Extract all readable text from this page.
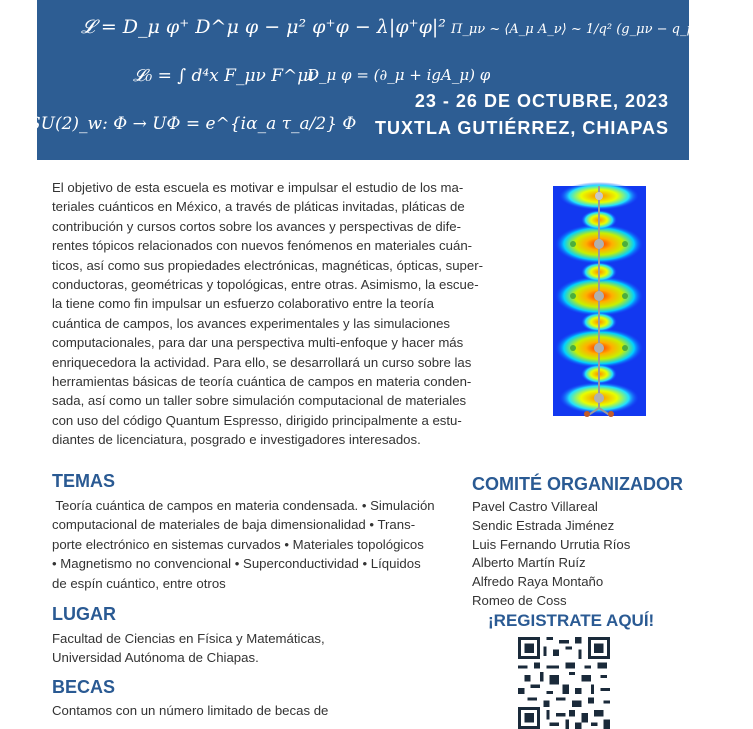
𝓛 = D_μ φ⁺ D^μ φ − μ² φ⁺φ − λ|φ⁺φ|² Π_μν ~ ⟨A_μ A_ν⟩ ~ 1/q² (g_μν − q_μ q_ν / q²)
𝓛₀ = ∫ d⁴x F_μν F^μν
D_μ φ = (∂_μ + igA_μ) φ
SU(2)_w: Φ → UΦ = e^{iα_a τ_a/2} Φ
23 - 26 DE OCTUBRE, 2023
TUXTLA GUTIÉRREZ, CHIAPAS
El objetivo de esta escuela es motivar e impulsar el estudio de los ma-
teriales cuánticos en México, a través de pláticas invitadas, pláticas de
contribución y cursos cortos sobre los avances y perspectivas de dife-
rentes tópicos relacionados con nuevos fenómenos en materiales cuán-
ticos, así como sus propiedades electrónicas, magnéticas, ópticas, super-
conductoras, geométricas y topológicas, entre otras. Asimismo, la escue-
la tiene como fin impulsar un esfuerzo colaborativo entre la teoría
cuántica de campos, los avances experimentales y las simulaciones
computacionales, para dar una perspectiva multi-enfoque y hacer más
enriquecedora la actividad. Para ello, se desarrollará un curso sobre las
herramientas básicas de teoría cuántica de campos en materia conden-
sada, así como un taller sobre simulación computacional de materiales
con uso del código Quantum Espresso, dirigido principalmente a estu-
diantes de licenciatura, posgrado e investigadores interesados.
TEMAS
Teoría cuántica de campos en materia condensada. • Simulación
computacional de materiales de baja dimensionalidad • Trans-
porte electrónico en sistemas curvados • Materiales topológicos
• Magnetismo no convencional • Superconductividad • Líquidos
de espín cuántico, entre otros
LUGAR
Facultad de Ciencias en Física y Matemáticas,
Universidad Autónoma de Chiapas.
BECAS
Contamos con un número limitado de becas de
COMITÉ ORGANIZADOR
Pavel Castro Villareal
Sendic Estrada Jiménez
Luis Fernando Urrutia Ríos
Alberto Martín Ruíz
Alfredo Raya Montaño
Romeo de Coss
¡REGISTRATE AQUÍ!
